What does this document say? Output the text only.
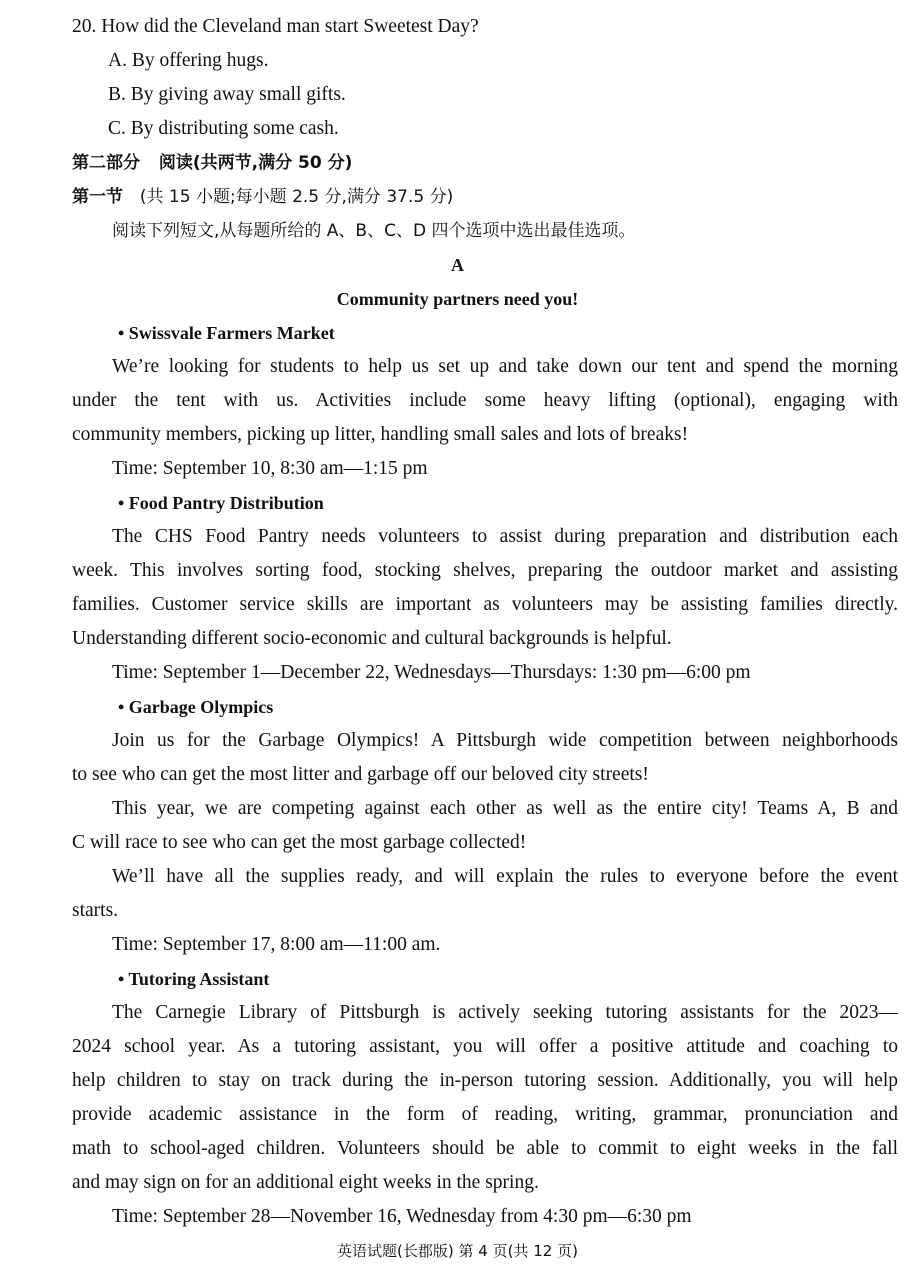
20. How did the Cleveland man start Sweetest Day?
A. By offering hugs.
B. By giving away small gifts.
C. By distributing some cash.
第二部分 阅读(共两节,满分 50 分)
第一节 (共 15 小题;每小题 2.5 分,满分 37.5 分)
阅读下列短文,从每题所给的 A、B、C、D 四个选项中选出最佳选项。
A
Community partners need you!
• Swissvale Farmers Market
We’re looking for students to help us set up and take down our tent and spend the morning
under the tent with us. Activities include some heavy lifting (optional), engaging with
community members, picking up litter, handling small sales and lots of breaks!
Time: September 10, 8:30 am—1:15 pm
• Food Pantry Distribution
The CHS Food Pantry needs volunteers to assist during preparation and distribution each
week. This involves sorting food, stocking shelves, preparing the outdoor market and assisting
families. Customer service skills are important as volunteers may be assisting families directly.
Understanding different socio-economic and cultural backgrounds is helpful.
Time: September 1—December 22, Wednesdays—Thursdays: 1:30 pm—6:00 pm
• Garbage Olympics
Join us for the Garbage Olympics! A Pittsburgh wide competition between neighborhoods
to see who can get the most litter and garbage off our beloved city streets!
This year, we are competing against each other as well as the entire city! Teams A, B and
C will race to see who can get the most garbage collected!
We’ll have all the supplies ready, and will explain the rules to everyone before the event
starts.
Time: September 17, 8:00 am—11:00 am.
• Tutoring Assistant
The Carnegie Library of Pittsburgh is actively seeking tutoring assistants for the 2023—
2024 school year. As a tutoring assistant, you will offer a positive attitude and coaching to
help children to stay on track during the in-person tutoring session. Additionally, you will help
provide academic assistance in the form of reading, writing, grammar, pronunciation and
math to school-aged children. Volunteers should be able to commit to eight weeks in the fall
and may sign on for an additional eight weeks in the spring.
Time: September 28—November 16, Wednesday from 4:30 pm—6:30 pm
英语试题(长郡版) 第 4 页(共 12 页)
